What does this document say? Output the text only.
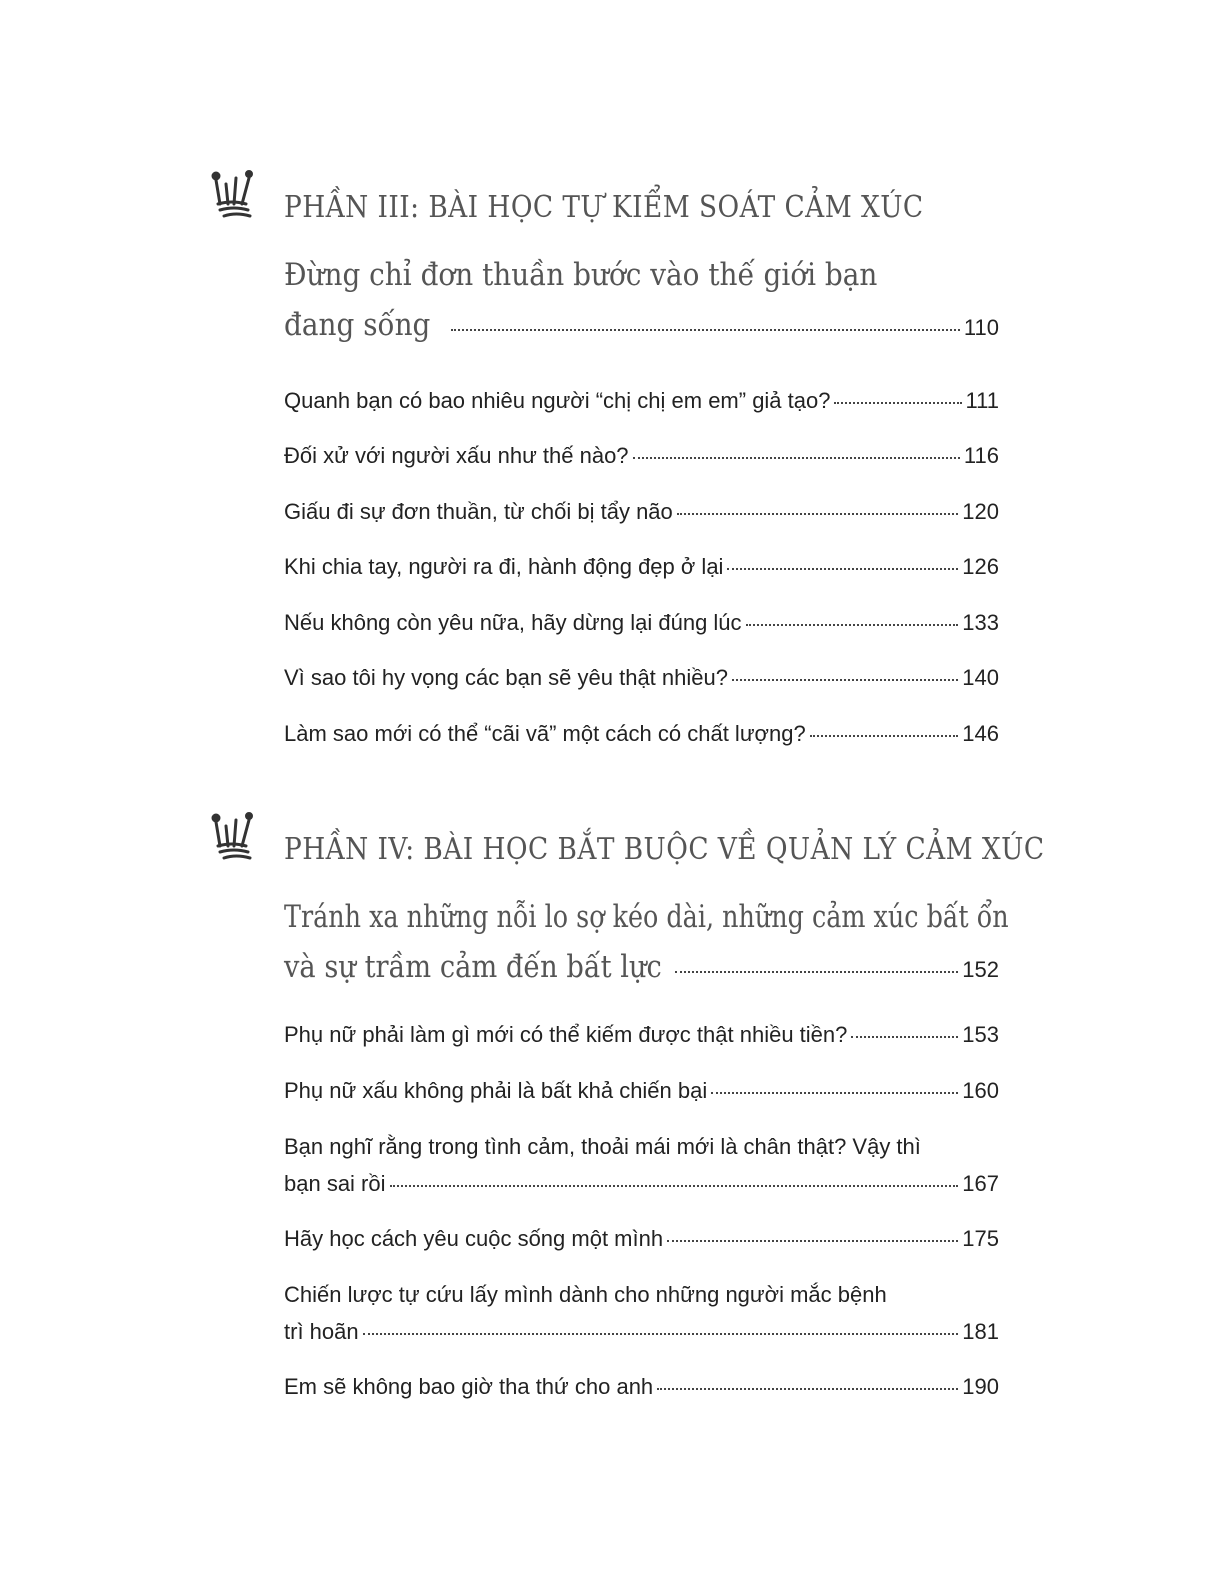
PHẦN III: BÀI HỌC TỰ KIỂM SOÁT CẢM XÚC
Đừng chỉ đơn thuần bước vào thế giới bạn
đang sống	110
Quanh bạn có bao nhiêu người “chị chị em em” giả tạo?	111
Đối xử với người xấu như thế nào?	116
Giấu đi sự đơn thuần, từ chối bị tẩy não	120
Khi chia tay, người ra đi, hành động đẹp ở lại	126
Nếu không còn yêu nữa, hãy dừng lại đúng lúc	133
Vì sao tôi hy vọng các bạn sẽ yêu thật nhiều?	140
Làm sao mới có thể “cãi vã” một cách có chất lượng?	146
PHẦN IV: BÀI HỌC BẮT BUỘC VỀ QUẢN LÝ CẢM XÚC
Tránh xa những nỗi lo sợ kéo dài, những cảm xúc bất ổn
và sự trầm cảm đến bất lực	152
Phụ nữ phải làm gì mới có thể kiếm được thật nhiều tiền?	153
Phụ nữ xấu không phải là bất khả chiến bại	160
Bạn nghĩ rằng trong tình cảm, thoải mái mới là chân thật? Vậy thì
bạn sai rồi	167
Hãy học cách yêu cuộc sống một mình	175
Chiến lược tự cứu lấy mình dành cho những người mắc bệnh
trì hoãn	181
Em sẽ không bao giờ tha thứ cho anh	190
